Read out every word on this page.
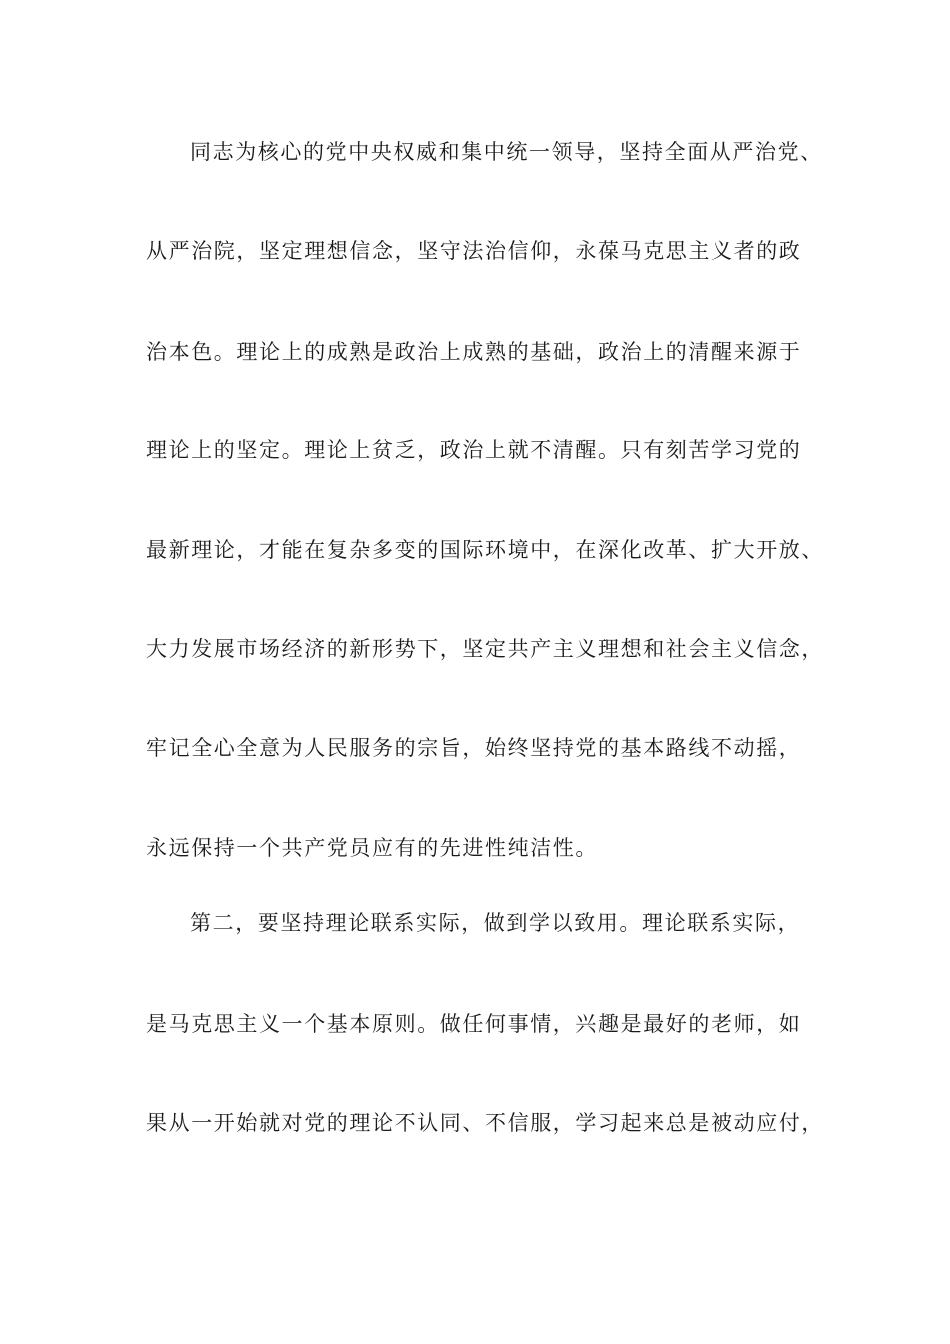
同志为核心的党中央权威和集中统一领导，坚持全面从严治党、
从严治院，坚定理想信念，坚守法治信仰，永葆马克思主义者的政
治本色。理论上的成熟是政治上成熟的基础，政治上的清醒来源于
理论上的坚定。理论上贫乏，政治上就不清醒。只有刻苦学习党的
最新理论，才能在复杂多变的国际环境中，在深化改革、扩大开放、
大力发展市场经济的新形势下，坚定共产主义理想和社会主义信念，
牢记全心全意为人民服务的宗旨，始终坚持党的基本路线不动摇，
永远保持一个共产党员应有的先进性纯洁性。
第二，要坚持理论联系实际，做到学以致用。理论联系实际，
是马克思主义一个基本原则。做任何事情，兴趣是最好的老师，如
果从一开始就对党的理论不认同、不信服，学习起来总是被动应付，
